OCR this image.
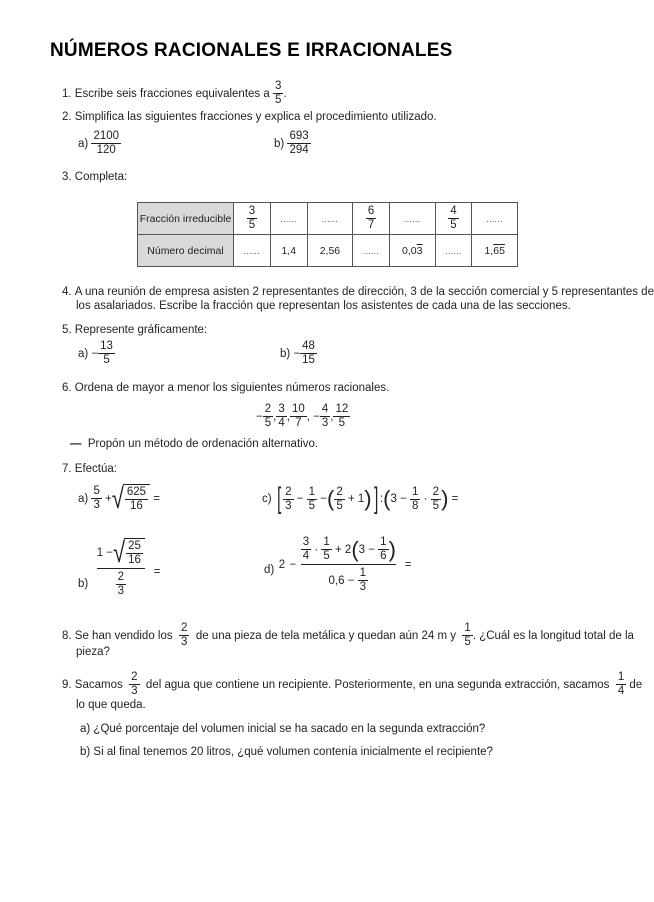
NÚMEROS RACIONALES E IRRACIONALES
1.
Escribe seis fracciones equivalentes a
$\frac{3}{5}$ .
2. Simplifica las siguientes fracciones y explica el procedimiento utilizado.
a)
$\frac{2100}{120}$	b)
$\frac{693}{294}$
3. Completa:
Fracción irreducible	$\frac{3}{5}$	......	......	$\frac{6}{7}$	......	$\frac{4}{5}$	......
Número decimal	......	1,4	2,56	......	0,03	......	1,65
4. A una reunión de empresa asisten 2 representantes de dirección, 3 de la sección comercial y 5 representantes de
los asalariados. Escribe la fracción que representan los asistentes de cada una de las secciones.
5. Represente gráficamente:
a)
− $\frac{13}{5}$	b)
− $\frac{48}{15}$
6. Ordena de mayor a menor los siguientes números racionales.
− $\frac{2}{5}$ , $\frac{3}{4}$ , $\frac{10}{7}$ ,
− $\frac{4}{3}$ , $\frac{12}{5}$
— Propón un método de ordenación alternativo.
7. Efectúa:
a)
$\frac{5}{3}$
+ √ $\frac{625}{16}$
=	c)
[ $\frac{2}{3}$
−
$\frac{1}{5}$
− ( $\frac{2}{5}$
+
1 ) ] : ( 3
−
$\frac{1}{8}$
·
$\frac{2}{5}$ )
=
b)
1
− √ $\frac{25}{16}$
$\frac{2}{3}$
=	d)
2
−

$\frac{3}{4}$
·
$\frac{1}{5}$
+
2 ( 3
−
$\frac{1}{6}$ )
0,6
−
$\frac{1}{3}$

=
8.
Se han vendido los
$\frac{2}{3}$
de una pieza de tela metálica y quedan aún 24 m y
$\frac{1}{5}$ . ¿Cuál es la longitud total de la
pieza?
9.
Sacamos
$\frac{2}{3}$
del agua que contiene un recipiente. Posteriormente, en una segunda extracción, sacamos
$\frac{1}{4}$
de
lo que queda.
a) ¿Qué porcentaje del volumen inicial se ha sacado en la segunda extracción?
b) Si al final tenemos 20 litros, ¿qué volumen contenía inicialmente el recipiente?
